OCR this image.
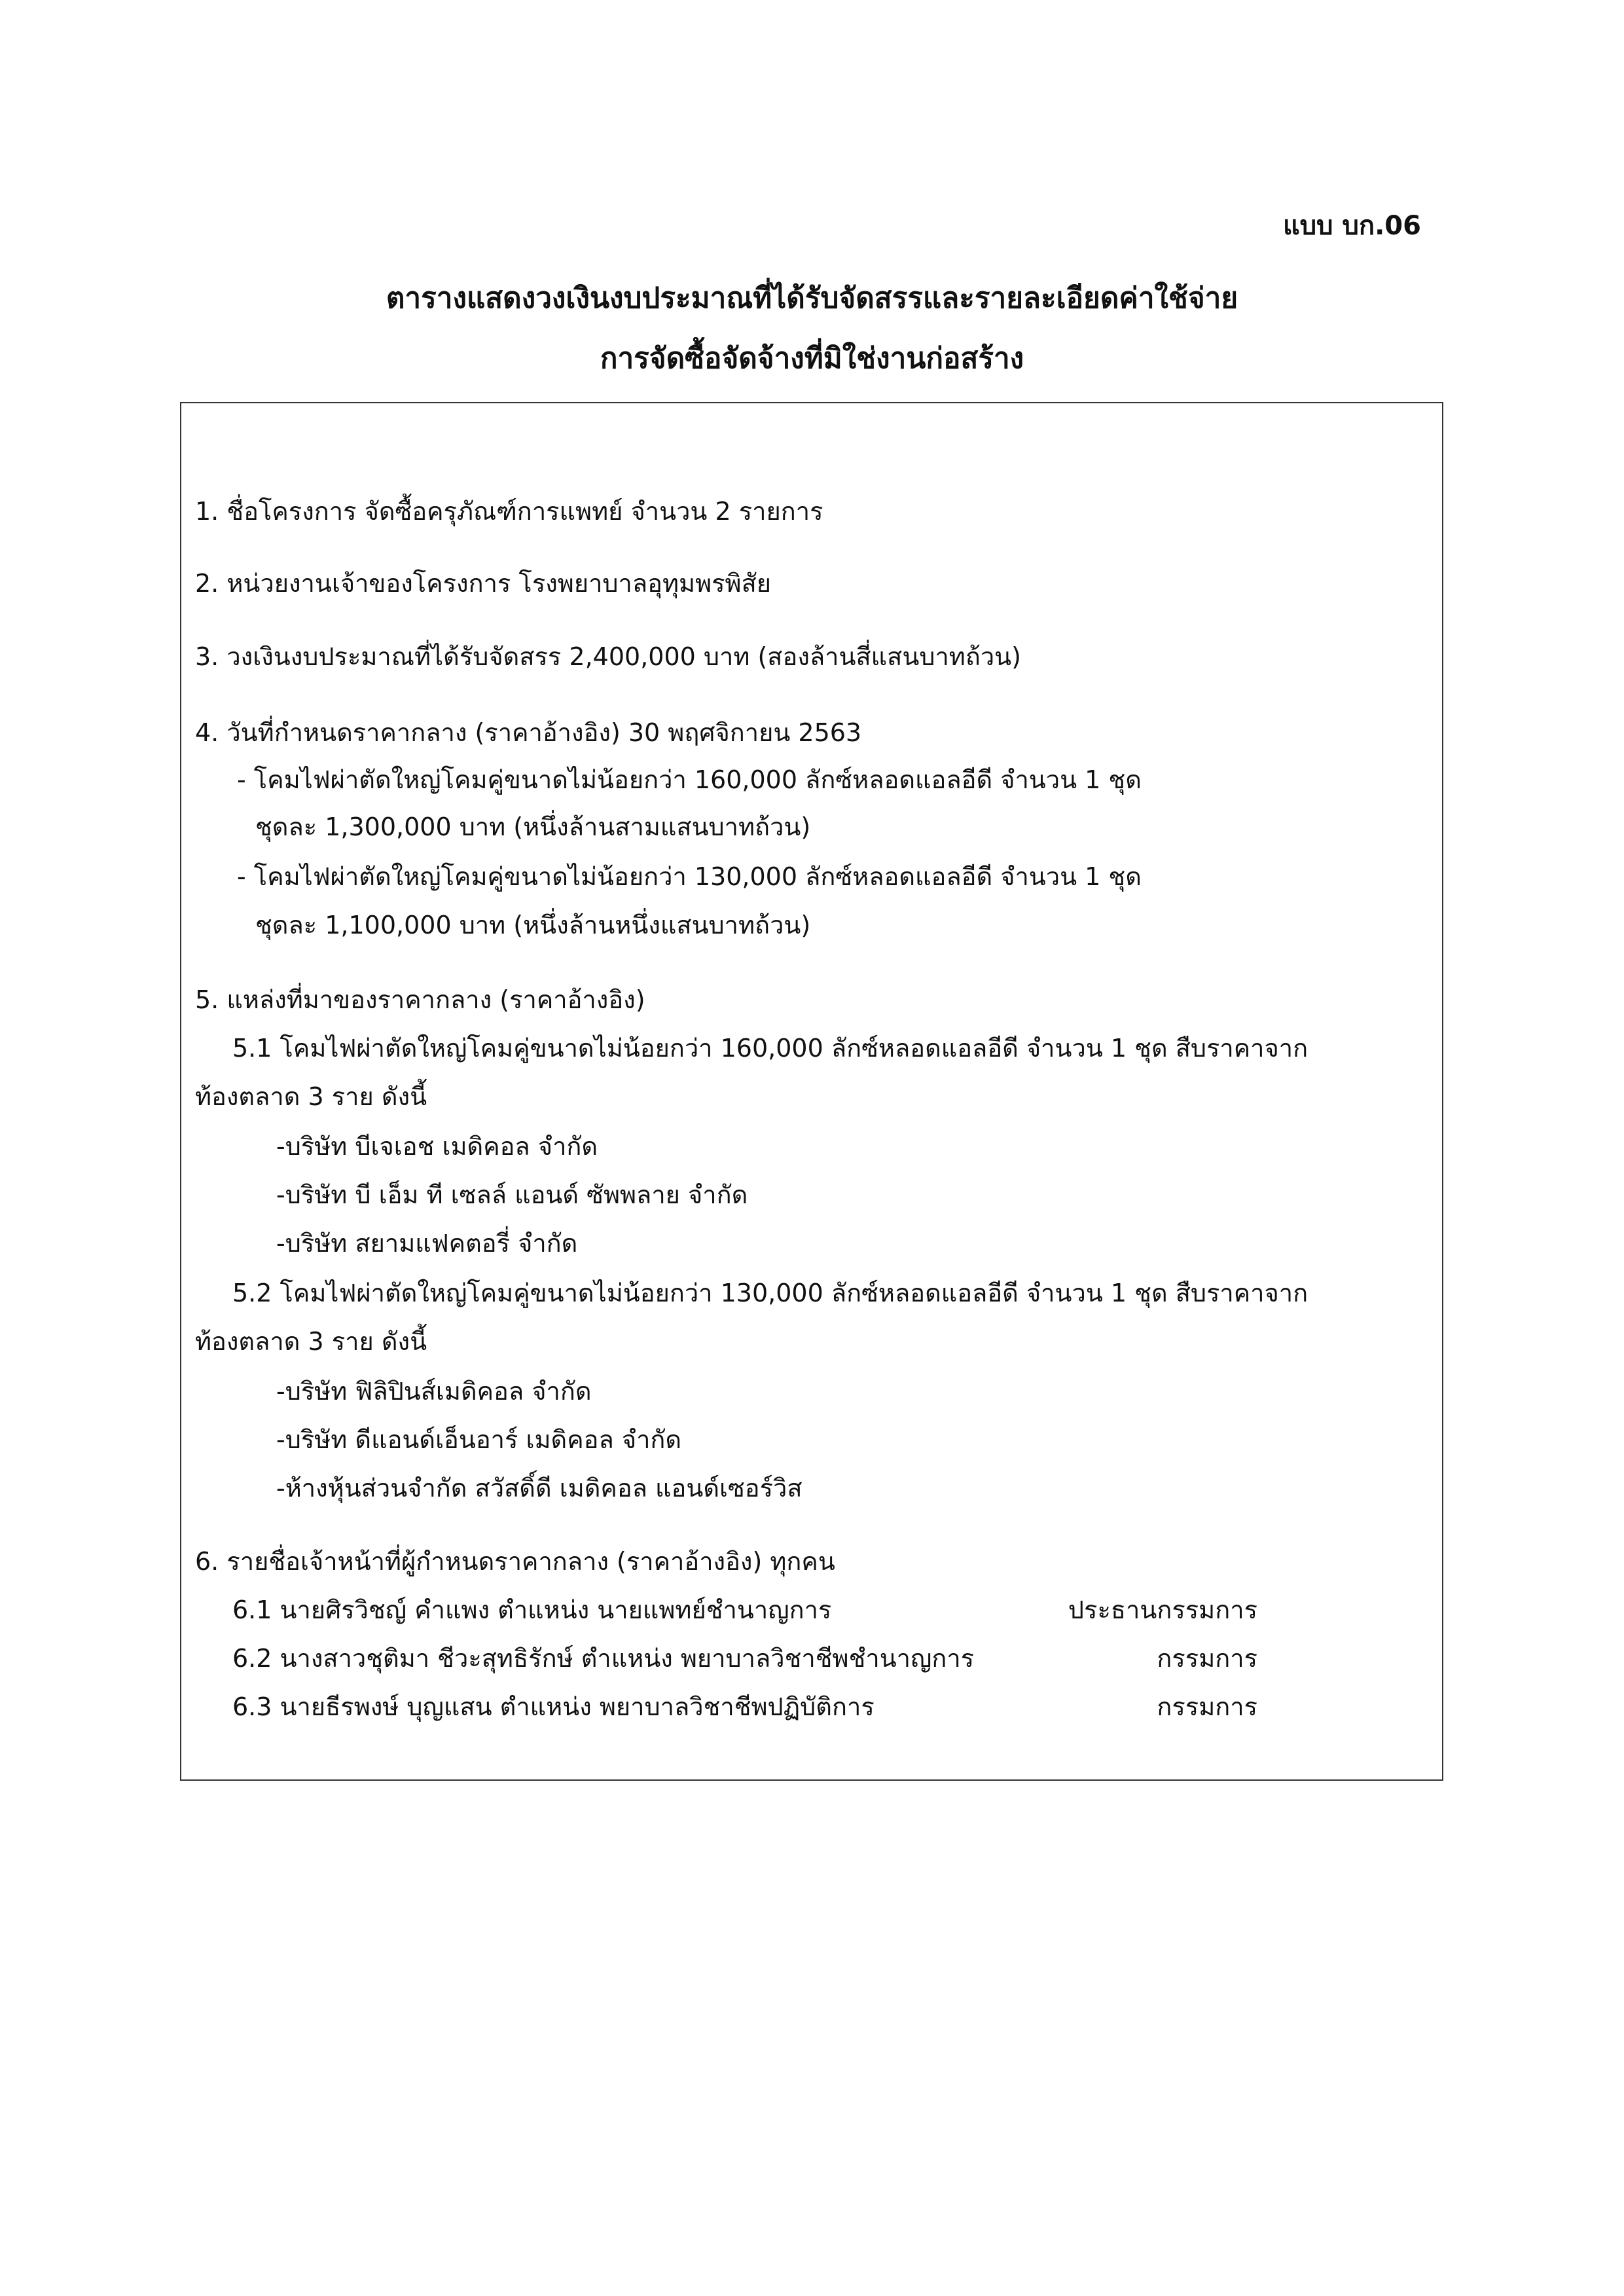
แบบ บก.06
ตารางแสดงวงเงินงบประมาณที่ได้รับจัดสรรและรายละเอียดค่าใช้จ่าย
การจัดซื้อจัดจ้างที่มิใช่งานก่อสร้าง
1. ชื่อโครงการ จัดซื้อครุภัณฑ์การแพทย์ จำนวน 2 รายการ
2. หน่วยงานเจ้าของโครงการ โรงพยาบาลอุทุมพรพิสัย
3. วงเงินงบประมาณที่ได้รับจัดสรร 2,400,000 บาท (สองล้านสี่แสนบาทถ้วน)
4. วันที่กำหนดราคากลาง (ราคาอ้างอิง) 30 พฤศจิกายน 2563
- โคมไฟผ่าตัดใหญ่โคมคู่ขนาดไม่น้อยกว่า 160,000 ลักซ์หลอดแอลอีดี จำนวน 1 ชุด
ชุดละ 1,300,000 บาท (หนึ่งล้านสามแสนบาทถ้วน)
- โคมไฟผ่าตัดใหญ่โคมคู่ขนาดไม่น้อยกว่า 130,000 ลักซ์หลอดแอลอีดี จำนวน 1 ชุด
ชุดละ 1,100,000 บาท (หนึ่งล้านหนึ่งแสนบาทถ้วน)
5. แหล่งที่มาของราคากลาง (ราคาอ้างอิง)
5.1 โคมไฟผ่าตัดใหญ่โคมคู่ขนาดไม่น้อยกว่า 160,000 ลักซ์หลอดแอลอีดี จำนวน 1 ชุด สืบราคาจาก
ท้องตลาด 3 ราย ดังนี้
-บริษัท บีเจเอช เมดิคอล จำกัด
-บริษัท บี เอ็ม ที เซลล์ แอนด์ ซัพพลาย จำกัด
-บริษัท สยามแฟคตอรี่ จำกัด
5.2 โคมไฟผ่าตัดใหญ่โคมคู่ขนาดไม่น้อยกว่า 130,000 ลักซ์หลอดแอลอีดี จำนวน 1 ชุด สืบราคาจาก
ท้องตลาด 3 ราย ดังนี้
-บริษัท ฟิลิปินส์เมดิคอล จำกัด
-บริษัท ดีแอนด์เอ็นอาร์ เมดิคอล จำกัด
-ห้างหุ้นส่วนจำกัด สวัสดิ์ดี เมดิคอล แอนด์เซอร์วิส
6. รายชื่อเจ้าหน้าที่ผู้กำหนดราคากลาง (ราคาอ้างอิง) ทุกคน
6.1 นายศิรวิชญ์ คำแพง ตำแหน่ง นายแพทย์ชำนาญการ	ประธานกรรมการ
6.2 นางสาวชุติมา ชีวะสุทธิรักษ์ ตำแหน่ง พยาบาลวิชาชีพชำนาญการ	กรรมการ
6.3 นายธีรพงษ์ บุญแสน ตำแหน่ง พยาบาลวิชาชีพปฏิบัติการ	กรรมการ
